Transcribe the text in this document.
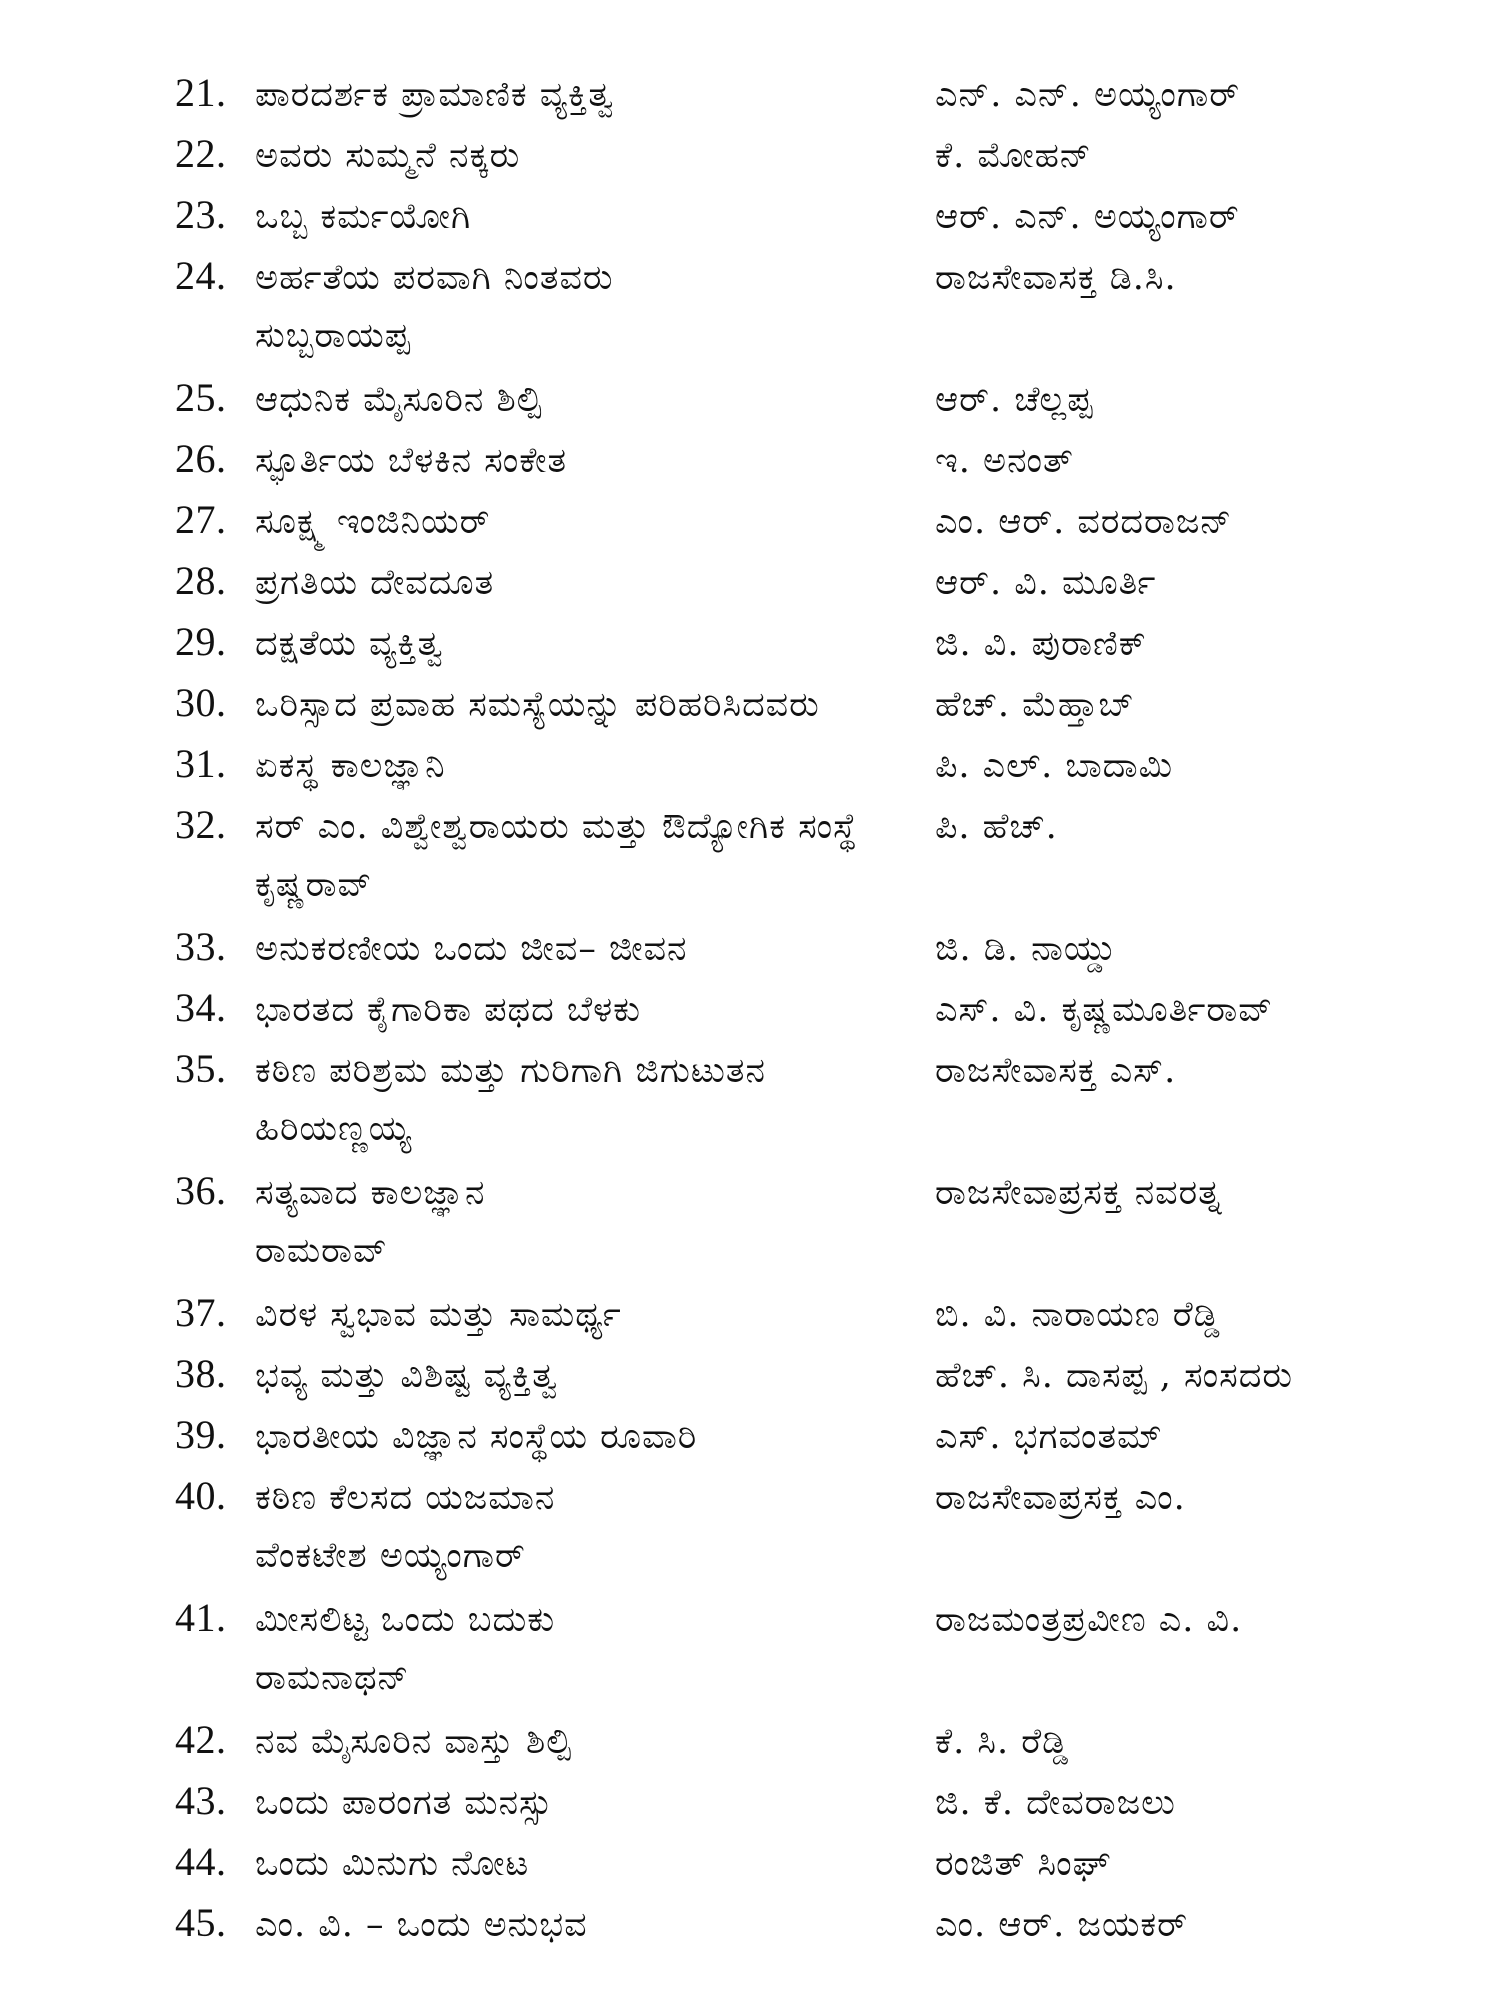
21. ಪಾರದರ್ಶಕ ಪ್ರಾಮಾಣಿಕ ವ್ಯಕ್ತಿತ್ವ	ಎನ್. ಎನ್. ಅಯ್ಯಂಗಾರ್
22. ಅವರು ಸುಮ್ಮನೆ ನಕ್ಕರು	ಕೆ. ಮೋಹನ್
23. ಒಬ್ಬ ಕರ್ಮಯೋಗಿ	ಆರ್. ಎನ್. ಅಯ್ಯಂಗಾರ್
24. ಅರ್ಹತೆಯ ಪರವಾಗಿ ನಿಂತವರು	ರಾಜಸೇವಾಸಕ್ತ ಡಿ.ಸಿ.
ಸುಬ್ಬರಾಯಪ್ಪ
25. ಆಧುನಿಕ ಮೈಸೂರಿನ ಶಿಲ್ಪಿ	ಆರ್. ಚೆಲ್ಲಪ್ಪ
26. ಸ್ಫೂರ್ತಿಯ ಬೆಳಕಿನ ಸಂಕೇತ	ಇ. ಅನಂತ್
27. ಸೂಕ್ಷ್ಮ ಇಂಜಿನಿಯರ್	ಎಂ. ಆರ್. ವರದರಾಜನ್
28. ಪ್ರಗತಿಯ ದೇವದೂತ	ಆರ್. ವಿ. ಮೂರ್ತಿ
29. ದಕ್ಷತೆಯ ವ್ಯಕ್ತಿತ್ವ	ಜಿ. ವಿ. ಪುರಾಣಿಕ್
30. ಒರಿಸ್ಸಾದ ಪ್ರವಾಹ ಸಮಸ್ಯೆಯನ್ನು ಪರಿಹರಿಸಿದವರು	ಹೆಚ್. ಮೆಹ್ತಾಬ್
31. ಏಕಸ್ಥ ಕಾಲಜ್ಞಾನಿ	ಪಿ. ಎಲ್. ಬಾದಾಮಿ
32. ಸರ್ ಎಂ. ವಿಶ್ವೇಶ್ವರಾಯರು ಮತ್ತು ಔದ್ಯೋಗಿಕ ಸಂಸ್ಥೆ	ಪಿ. ಹೆಚ್.
ಕೃಷ್ಣರಾವ್
33. ಅನುಕರಣೀಯ ಒಂದು ಜೀವ– ಜೀವನ	ಜಿ. ಡಿ. ನಾಯ್ಡು
34. ಭಾರತದ ಕೈಗಾರಿಕಾ ಪಥದ ಬೆಳಕು	ಎಸ್. ವಿ. ಕೃಷ್ಣಮೂರ್ತಿರಾವ್
35. ಕಠಿಣ ಪರಿಶ್ರಮ ಮತ್ತು ಗುರಿಗಾಗಿ ಜಿಗುಟುತನ	ರಾಜಸೇವಾಸಕ್ತ ಎಸ್.
ಹಿರಿಯಣ್ಣಯ್ಯ
36. ಸತ್ಯವಾದ ಕಾಲಜ್ಞಾನ	ರಾಜಸೇವಾಪ್ರಸಕ್ತ ನವರತ್ನ
ರಾಮರಾವ್
37. ವಿರಳ ಸ್ವಭಾವ ಮತ್ತು ಸಾಮರ್ಥ್ಯ	ಬಿ. ವಿ. ನಾರಾಯಣ ರೆಡ್ಡಿ
38. ಭವ್ಯ ಮತ್ತು ವಿಶಿಷ್ಟ ವ್ಯಕ್ತಿತ್ವ	ಹೆಚ್. ಸಿ. ದಾಸಪ್ಪ , ಸಂಸದರು
39. ಭಾರತೀಯ ವಿಜ್ಞಾನ ಸಂಸ್ಥೆಯ ರೂವಾರಿ	ಎಸ್. ಭಗವಂತಮ್
40. ಕಠಿಣ ಕೆಲಸದ ಯಜಮಾನ	ರಾಜಸೇವಾಪ್ರಸಕ್ತ ಎಂ.
ವೆಂಕಟೇಶ ಅಯ್ಯಂಗಾರ್
41. ಮೀಸಲಿಟ್ಟ ಒಂದು ಬದುಕು	ರಾಜಮಂತ್ರಪ್ರವೀಣ ಎ. ವಿ.
ರಾಮನಾಥನ್
42. ನವ ಮೈಸೂರಿನ ವಾಸ್ತು ಶಿಲ್ಪಿ	ಕೆ. ಸಿ. ರೆಡ್ಡಿ
43. ಒಂದು ಪಾರಂಗತ ಮನಸ್ಸು	ಜಿ. ಕೆ. ದೇವರಾಜಲು
44. ಒಂದು ಮಿನುಗು ನೋಟ	ರಂಜಿತ್ ಸಿಂಘ್
45. ಎಂ. ವಿ. – ಒಂದು ಅನುಭವ	ಎಂ. ಆರ್. ಜಯಕರ್
